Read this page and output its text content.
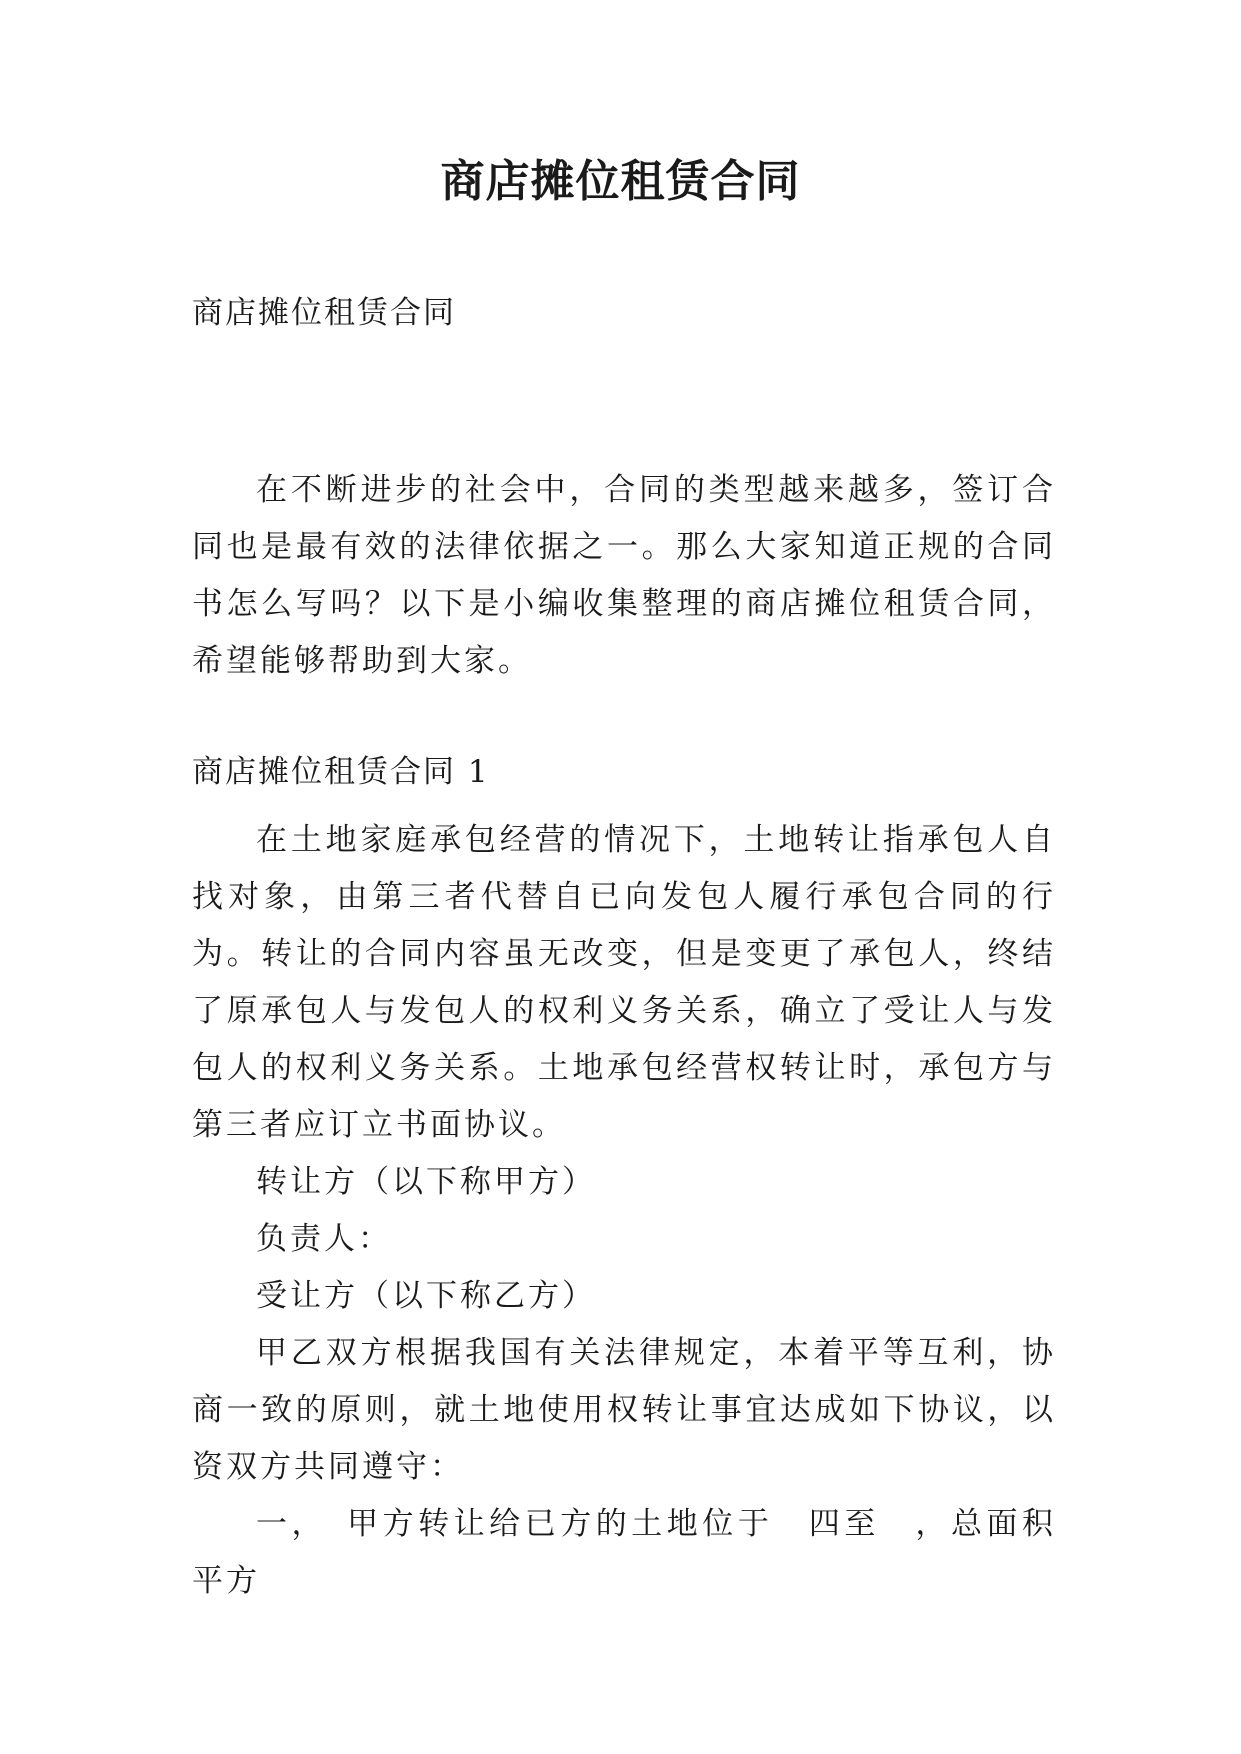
商店摊位租赁合同
商店摊位租赁合同

在不断进步的社会中，合同的类型越来越多，签订合同也是最有效的法律依据之一。那么大家知道正规的合同书怎么写吗？以下是小编收集整理的商店摊位租赁合同，希望能够帮助到大家。

商店摊位租赁合同 1

在土地家庭承包经营的情况下，土地转让指承包人自找对象，由第三者代替自已向发包人履行承包合同的行为。转让的合同内容虽无改变，但是变更了承包人，终结了原承包人与发包人的权利义务关系，确立了受让人与发包人的权利义务关系。土地承包经营权转让时，承包方与第三者应订立书面协议。

转让方（以下称甲方）

负责人：

受让方（以下称乙方）

甲乙双方根据我国有关法律规定，本着平等互利，协商一致的原则，就土地使用权转让事宜达成如下协议，以资双方共同遵守：

一，　甲方转让给已方的土地位于　四至　，总面积　平方
